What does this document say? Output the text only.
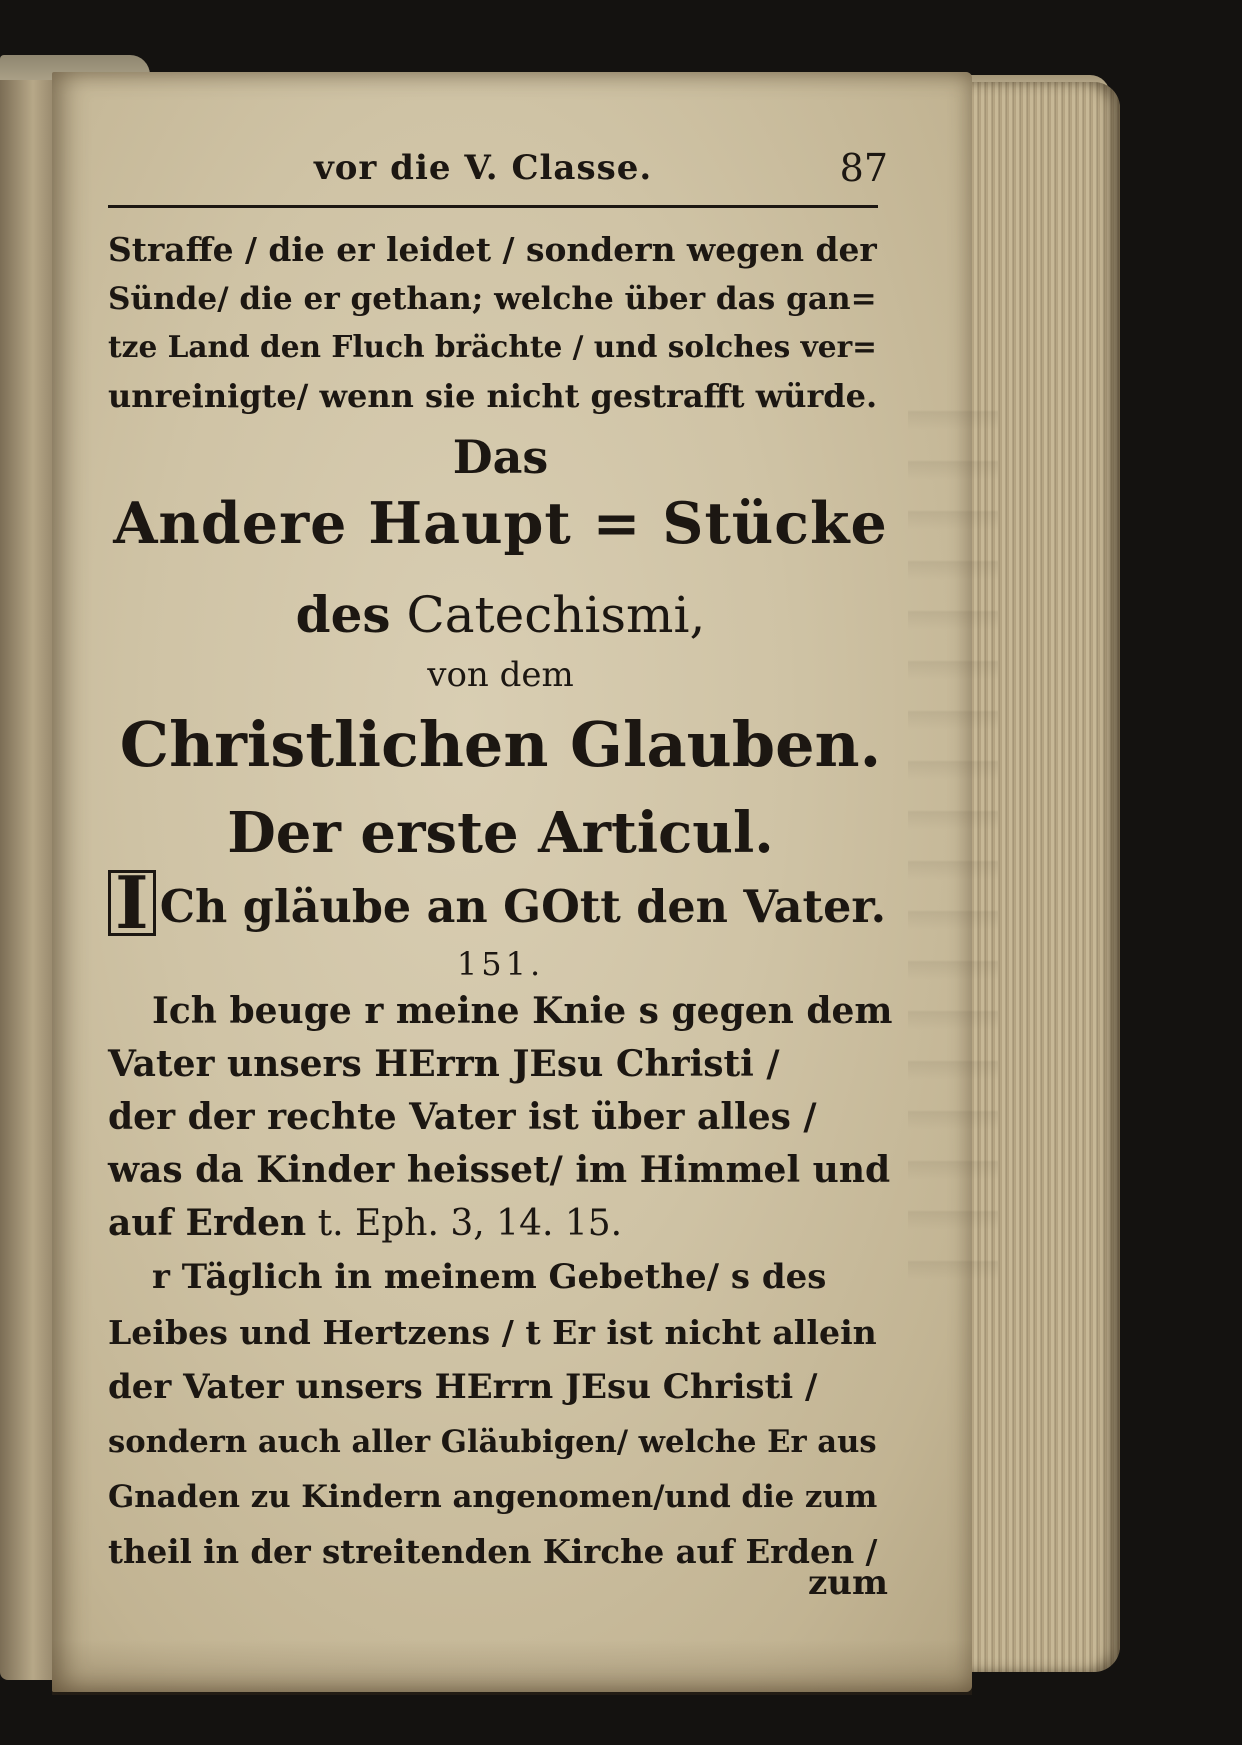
vor die V. Classe.	87
Straffe / die er leidet / sondern wegen der
Sünde/ die er gethan; welche über das gan=
tze Land den Fluch brächte / und solches ver=
unreinigte/ wenn sie nicht gestrafft würde.
Das
Andere Haupt = Stücke
des Catechismi,
von dem
Christlichen Glauben.
Der erste Articul.
I Ch gläube an GOtt den Vater.
151.
Ich beuge r meine Knie s gegen dem
Vater unsers HErrn JEsu Christi /
der der rechte Vater ist über alles /
was da Kinder heisset/ im Himmel und
auf Erden t. Eph. 3, 14. 15.
r Täglich in meinem Gebethe/ s des
Leibes und Hertzens / t Er ist nicht allein
der Vater unsers HErrn JEsu Christi /
sondern auch aller Gläubigen/ welche Er aus
Gnaden zu Kindern angenomen/und die zum
theil in der streitenden Kirche auf Erden /
zum
